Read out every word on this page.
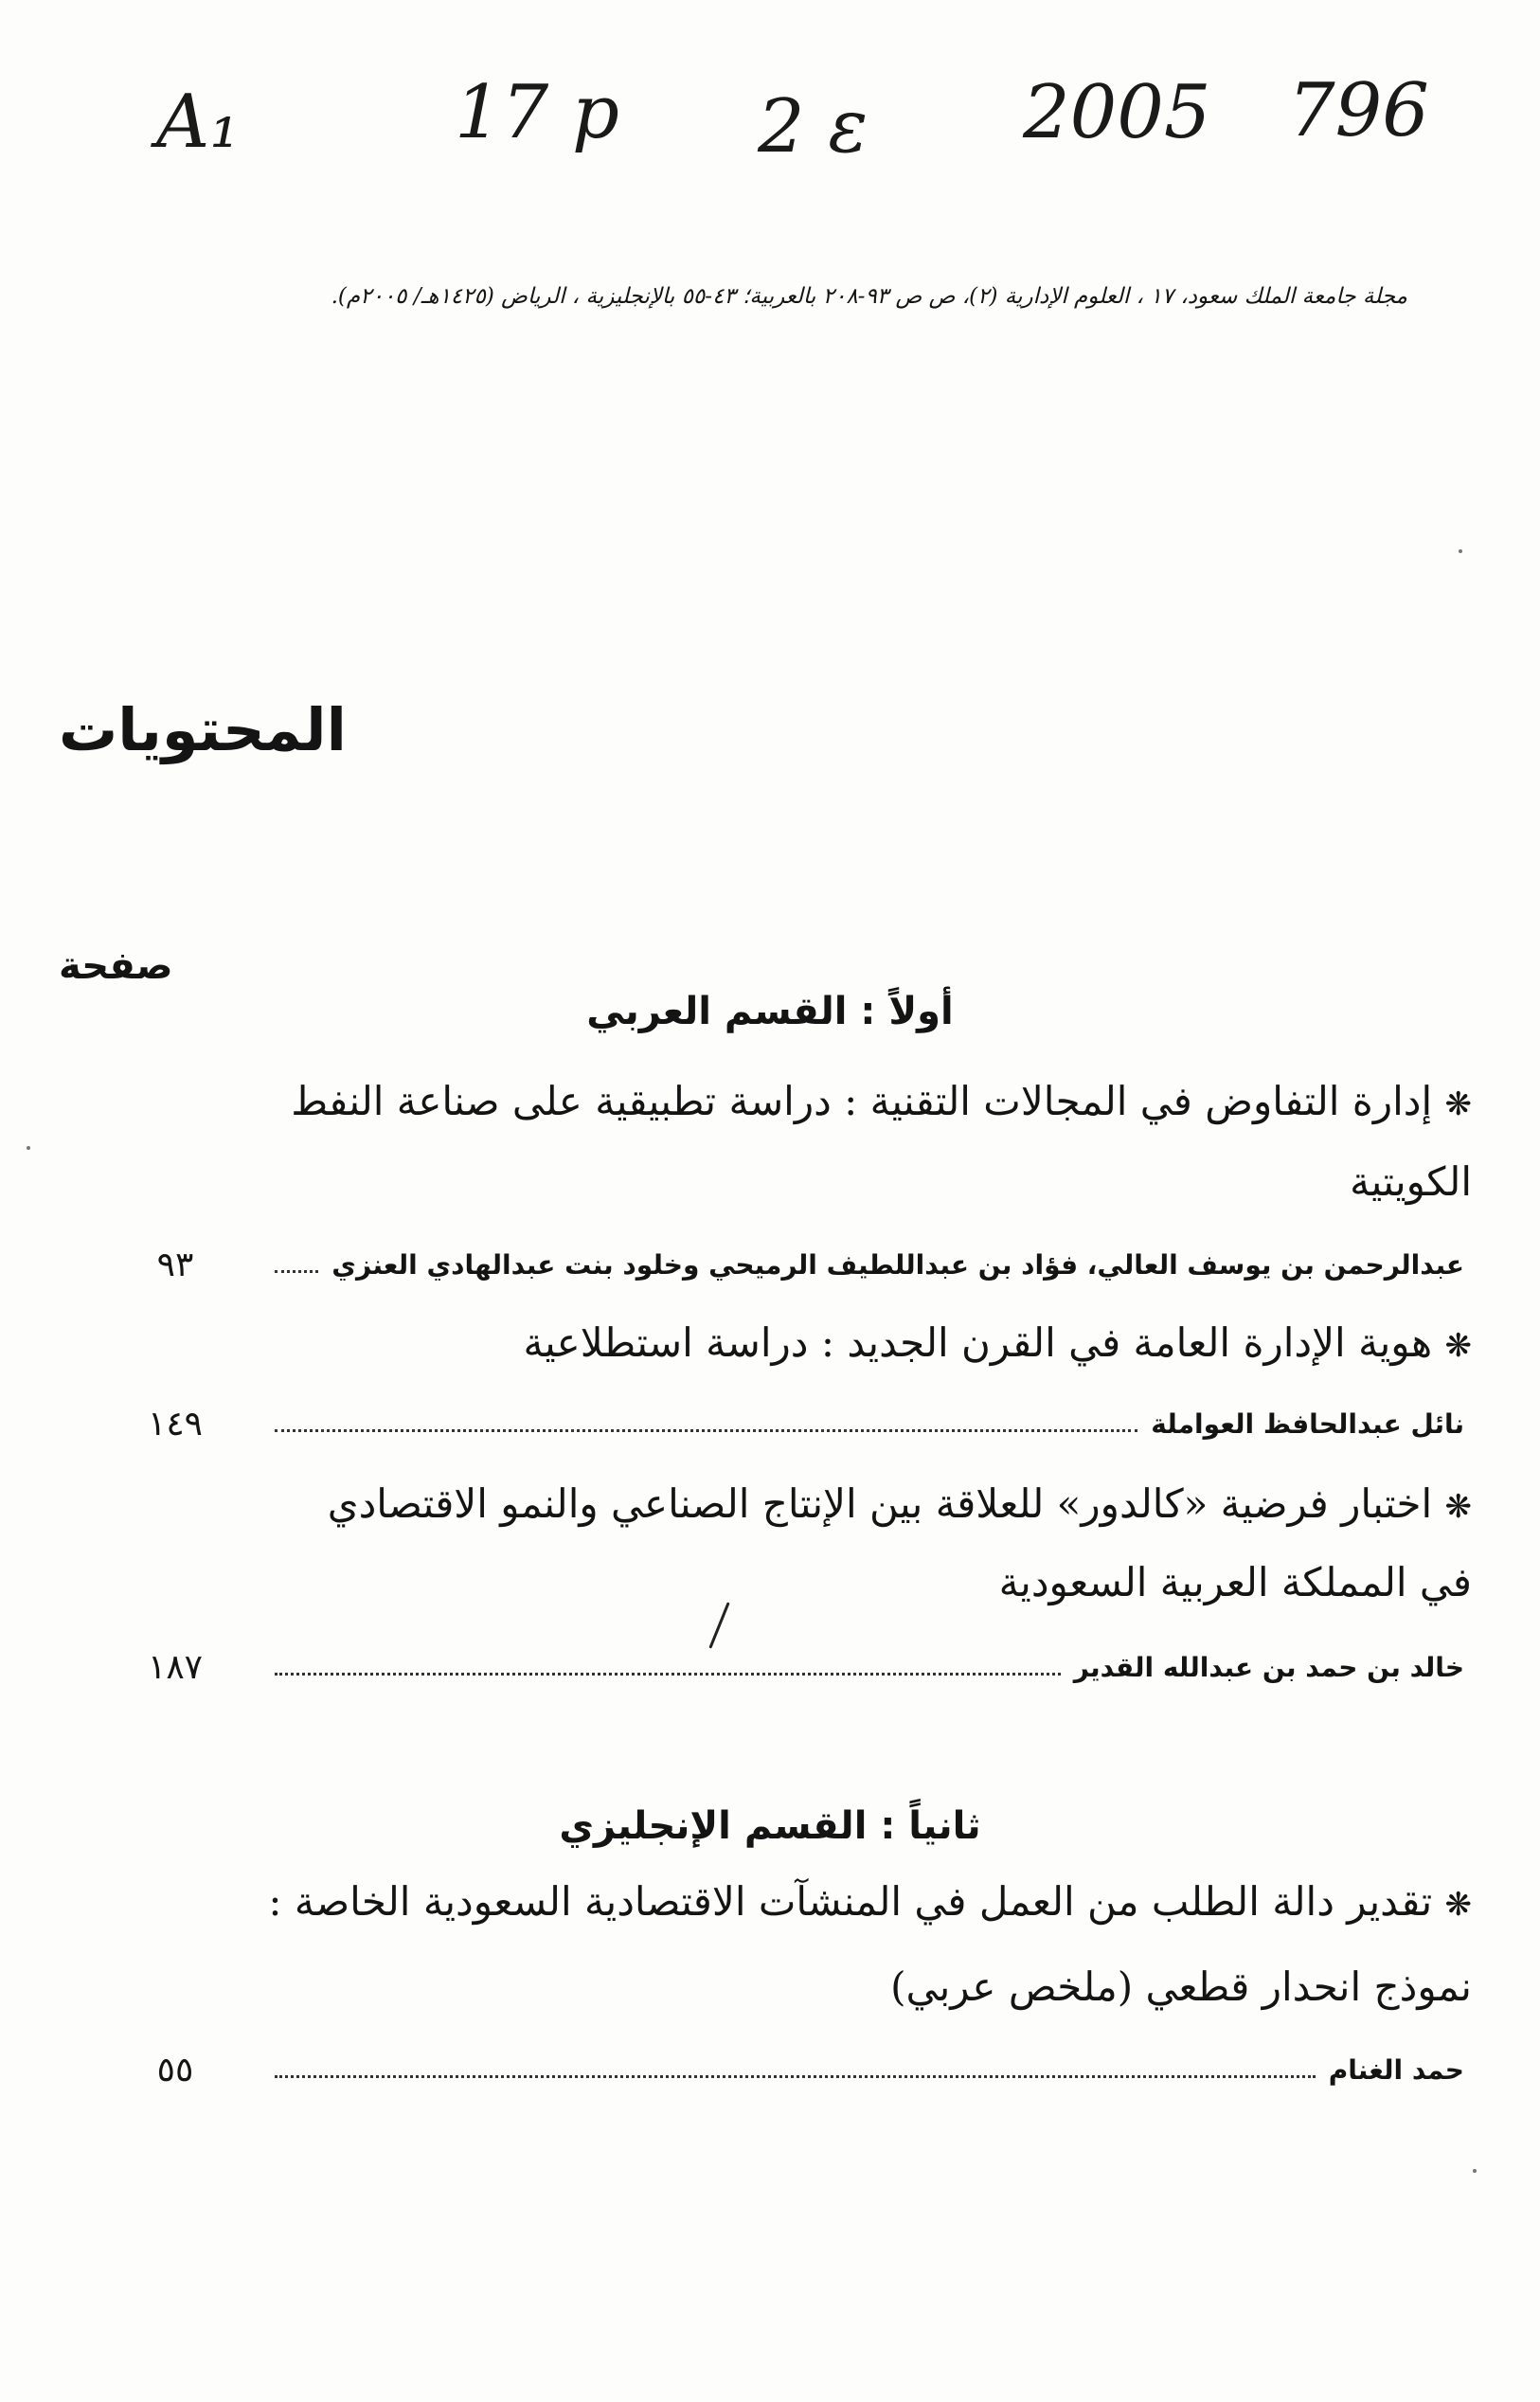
A₁	17 p 2 ε 2005 796
مجلة جامعة الملك سعود، ١٧ ، العلوم الإدارية (٢)، ص ص ٩٣-٢٠٨ بالعربية؛ ٤٣-٥٥ بالإنجليزية ، الرياض (١٤٢٥هـ/ ٢٠٠٥م).
المحتويات
صفحة
أولاً : القسم العربي
❋ إدارة التفاوض في المجالات التقنية : دراسة تطبيقية على صناعة النفط
الكويتية
عبدالرحمن بن يوسف العالي، فؤاد بن عبداللطيف الرميحي وخلود بنت عبدالهادي العنزي
٩٣
❋ هوية الإدارة العامة في القرن الجديد : دراسة استطلاعية
نائل عبدالحافظ العواملة
١٤٩
❋ اختبار فرضية «كالدور» للعلاقة بين الإنتاج الصناعي والنمو الاقتصادي
في المملكة العربية السعودية
خالد بن حمد بن عبدالله القدير
١٨٧
ثانياً : القسم الإنجليزي
❋ تقدير دالة الطلب من العمل في المنشآت الاقتصادية السعودية الخاصة :
نموذج انحدار قطعي (ملخص عربي)
حمد الغنام
٥٥
